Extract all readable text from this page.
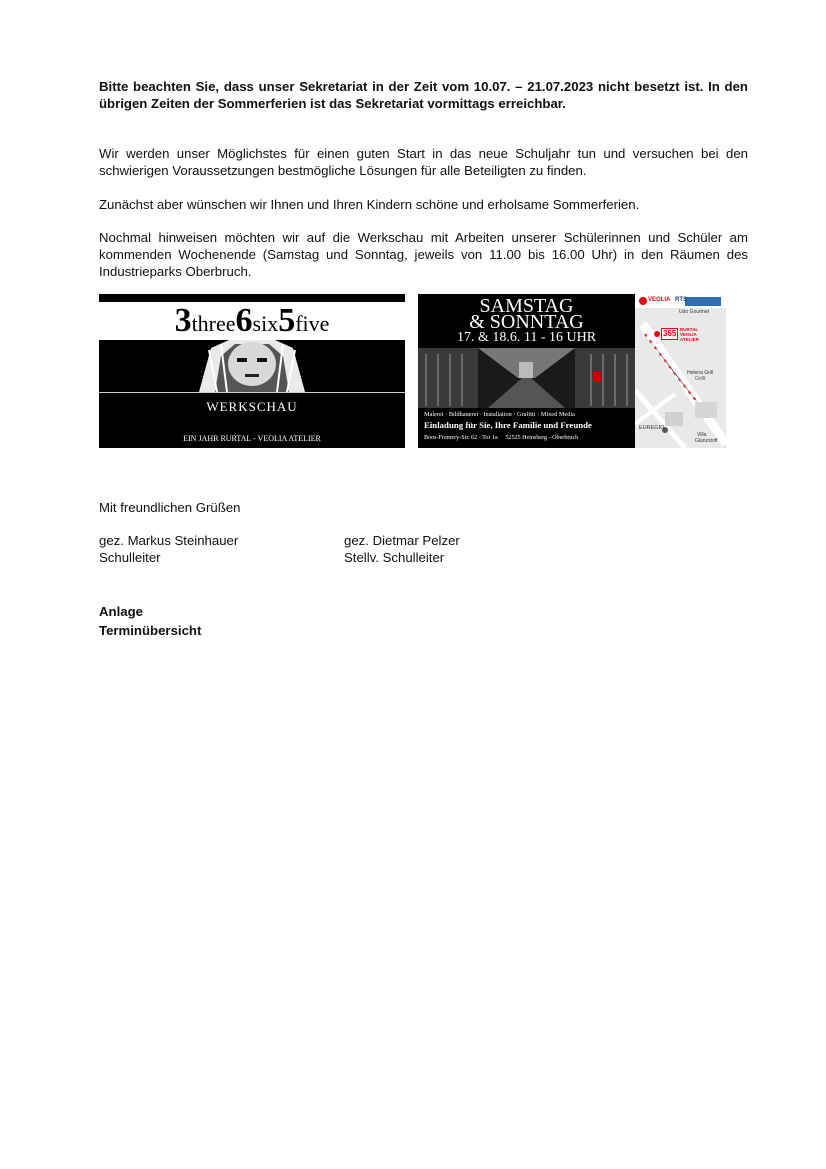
Bitte beachten Sie, dass unser Sekretariat in der Zeit vom 10.07. – 21.07.2023 nicht besetzt ist. In den übrigen Zeiten der Sommerferien ist das Sekretariat vormittags erreichbar.

Wir werden unser Möglichstes für einen guten Start in das neue Schuljahr tun und versuchen bei den schwierigen Voraussetzungen bestmögliche Lösungen für alle Beteiligten zu finden.

Zunächst aber wünschen wir Ihnen und Ihren Kindern schöne und erholsame Sommerferien.

Nochmal hinweisen möchten wir auf die Werkschau mit Arbeiten unserer Schülerinnen und Schüler am kommenden Wochenende (Samstag und Sonntag, jeweils von 11.00 bis 16.00 Uhr) in den Räumen des Industrieparks Oberbruch.

3three6six5five
WERKSCHAU
EIN JAHR RURTAL - VEOLIA ATELIER
SAMSTAG
& SONNTAG
17. & 18.6. 11 - 16 UHR
Malerei · Bildhauerei · Installation · Grafitti · Mixed Media
Einladung für Sie, Ihre Familie und Freunde
Boos-Fremery-Str. 62 · Tor 1a     52525 Heinsberg - Oberbruch
VEOLIA RTS
Udo Gourmet
365 RURTAL
VEOLIA
ATELIER
Helena Grill
Grillt
EUREGIO
Villa
Glanzstoff

Mit freundlichen Grüßen

gez. Markus Steinhauer

Schulleiter

gez. Dietmar Pelzer

Stellv. Schulleiter

Anlage

Terminübersicht
